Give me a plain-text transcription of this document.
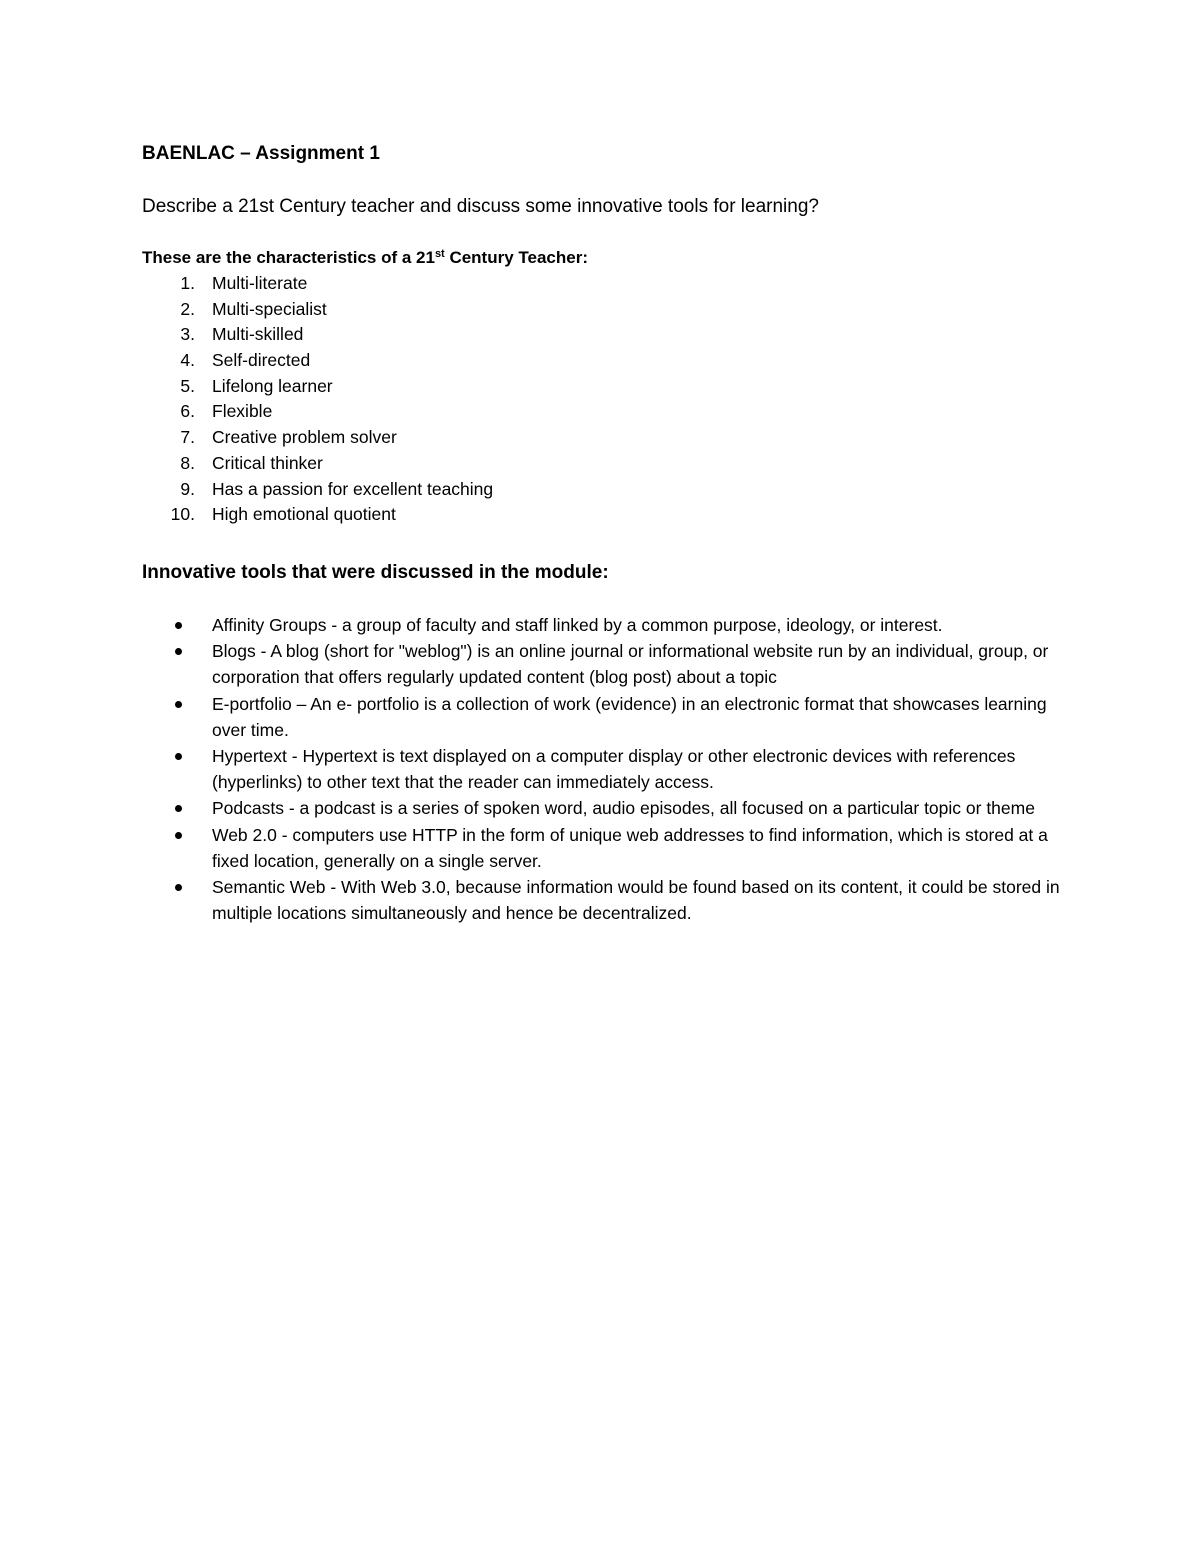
BAENLAC – Assignment 1
Describe a 21st Century teacher and discuss some innovative tools for learning?
These are the characteristics of a 21st Century Teacher:
1. Multi-literate
2. Multi-specialist
3. Multi-skilled
4. Self-directed
5. Lifelong learner
6. Flexible
7. Creative problem solver
8. Critical thinker
9. Has a passion for excellent teaching
10. High emotional quotient
Innovative tools that were discussed in the module:
Affinity Groups - a group of faculty and staff linked by a common purpose, ideology, or interest.
Blogs - A blog (short for "weblog") is an online journal or informational website run by an individual, group, or corporation that offers regularly updated content (blog post) about a topic
E-portfolio – An e- portfolio is a collection of work (evidence) in an electronic format that showcases learning over time.
Hypertext - Hypertext is text displayed on a computer display or other electronic devices with references (hyperlinks) to other text that the reader can immediately access.
Podcasts - a podcast is a series of spoken word, audio episodes, all focused on a particular topic or theme
Web 2.0 - computers use HTTP in the form of unique web addresses to find information, which is stored at a fixed location, generally on a single server.
Semantic Web - With Web 3.0, because information would be found based on its content, it could be stored in multiple locations simultaneously and hence be decentralized.
